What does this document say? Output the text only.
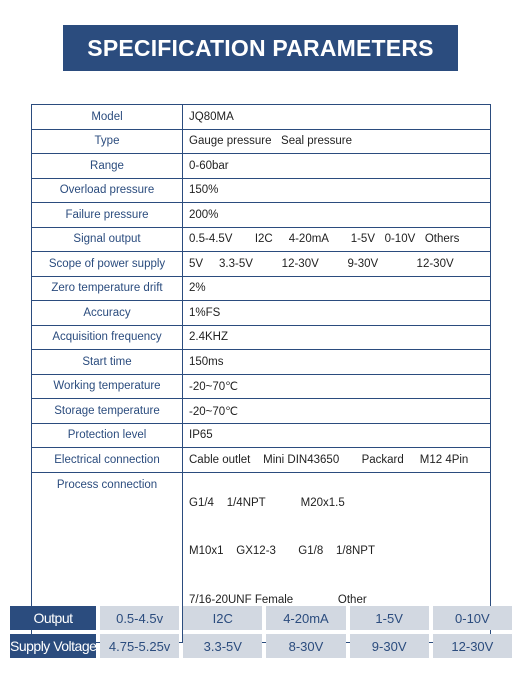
SPECIFICATION PARAMETERS
Model	JQ80MA
Type	Gauge pressure   Seal pressure
Range	0-60bar
Overload pressure	150%
Failure pressure	200%
Signal output	0.5-4.5V       I2C     4-20mA       1-5V   0-10V   Others
Scope of power supply	5V     3.3-5V         12-30V         9-30V            12-30V
Zero temperature drift	2%
Accuracy	1%FS
Acquisition frequency	2.4KHZ
Start time	150ms
Working temperature	-20~70℃
Storage temperature	-20~70℃
Protection level	IP65
Electrical connection	Cable outlet    Mini DIN43650       Packard     M12 4Pin
Process connection	G1/4    1/4NPT           M20x1.5

M10x1    GX12-3       G1/8    1/8NPT

7/16-20UNF Female              Other

Output	0.5-4.5v	I2C	4-20mA	1-5V	0-10V
Supply Voltage	4.75-5.25v	3.3-5V	8-30V	9-30V	12-30V
